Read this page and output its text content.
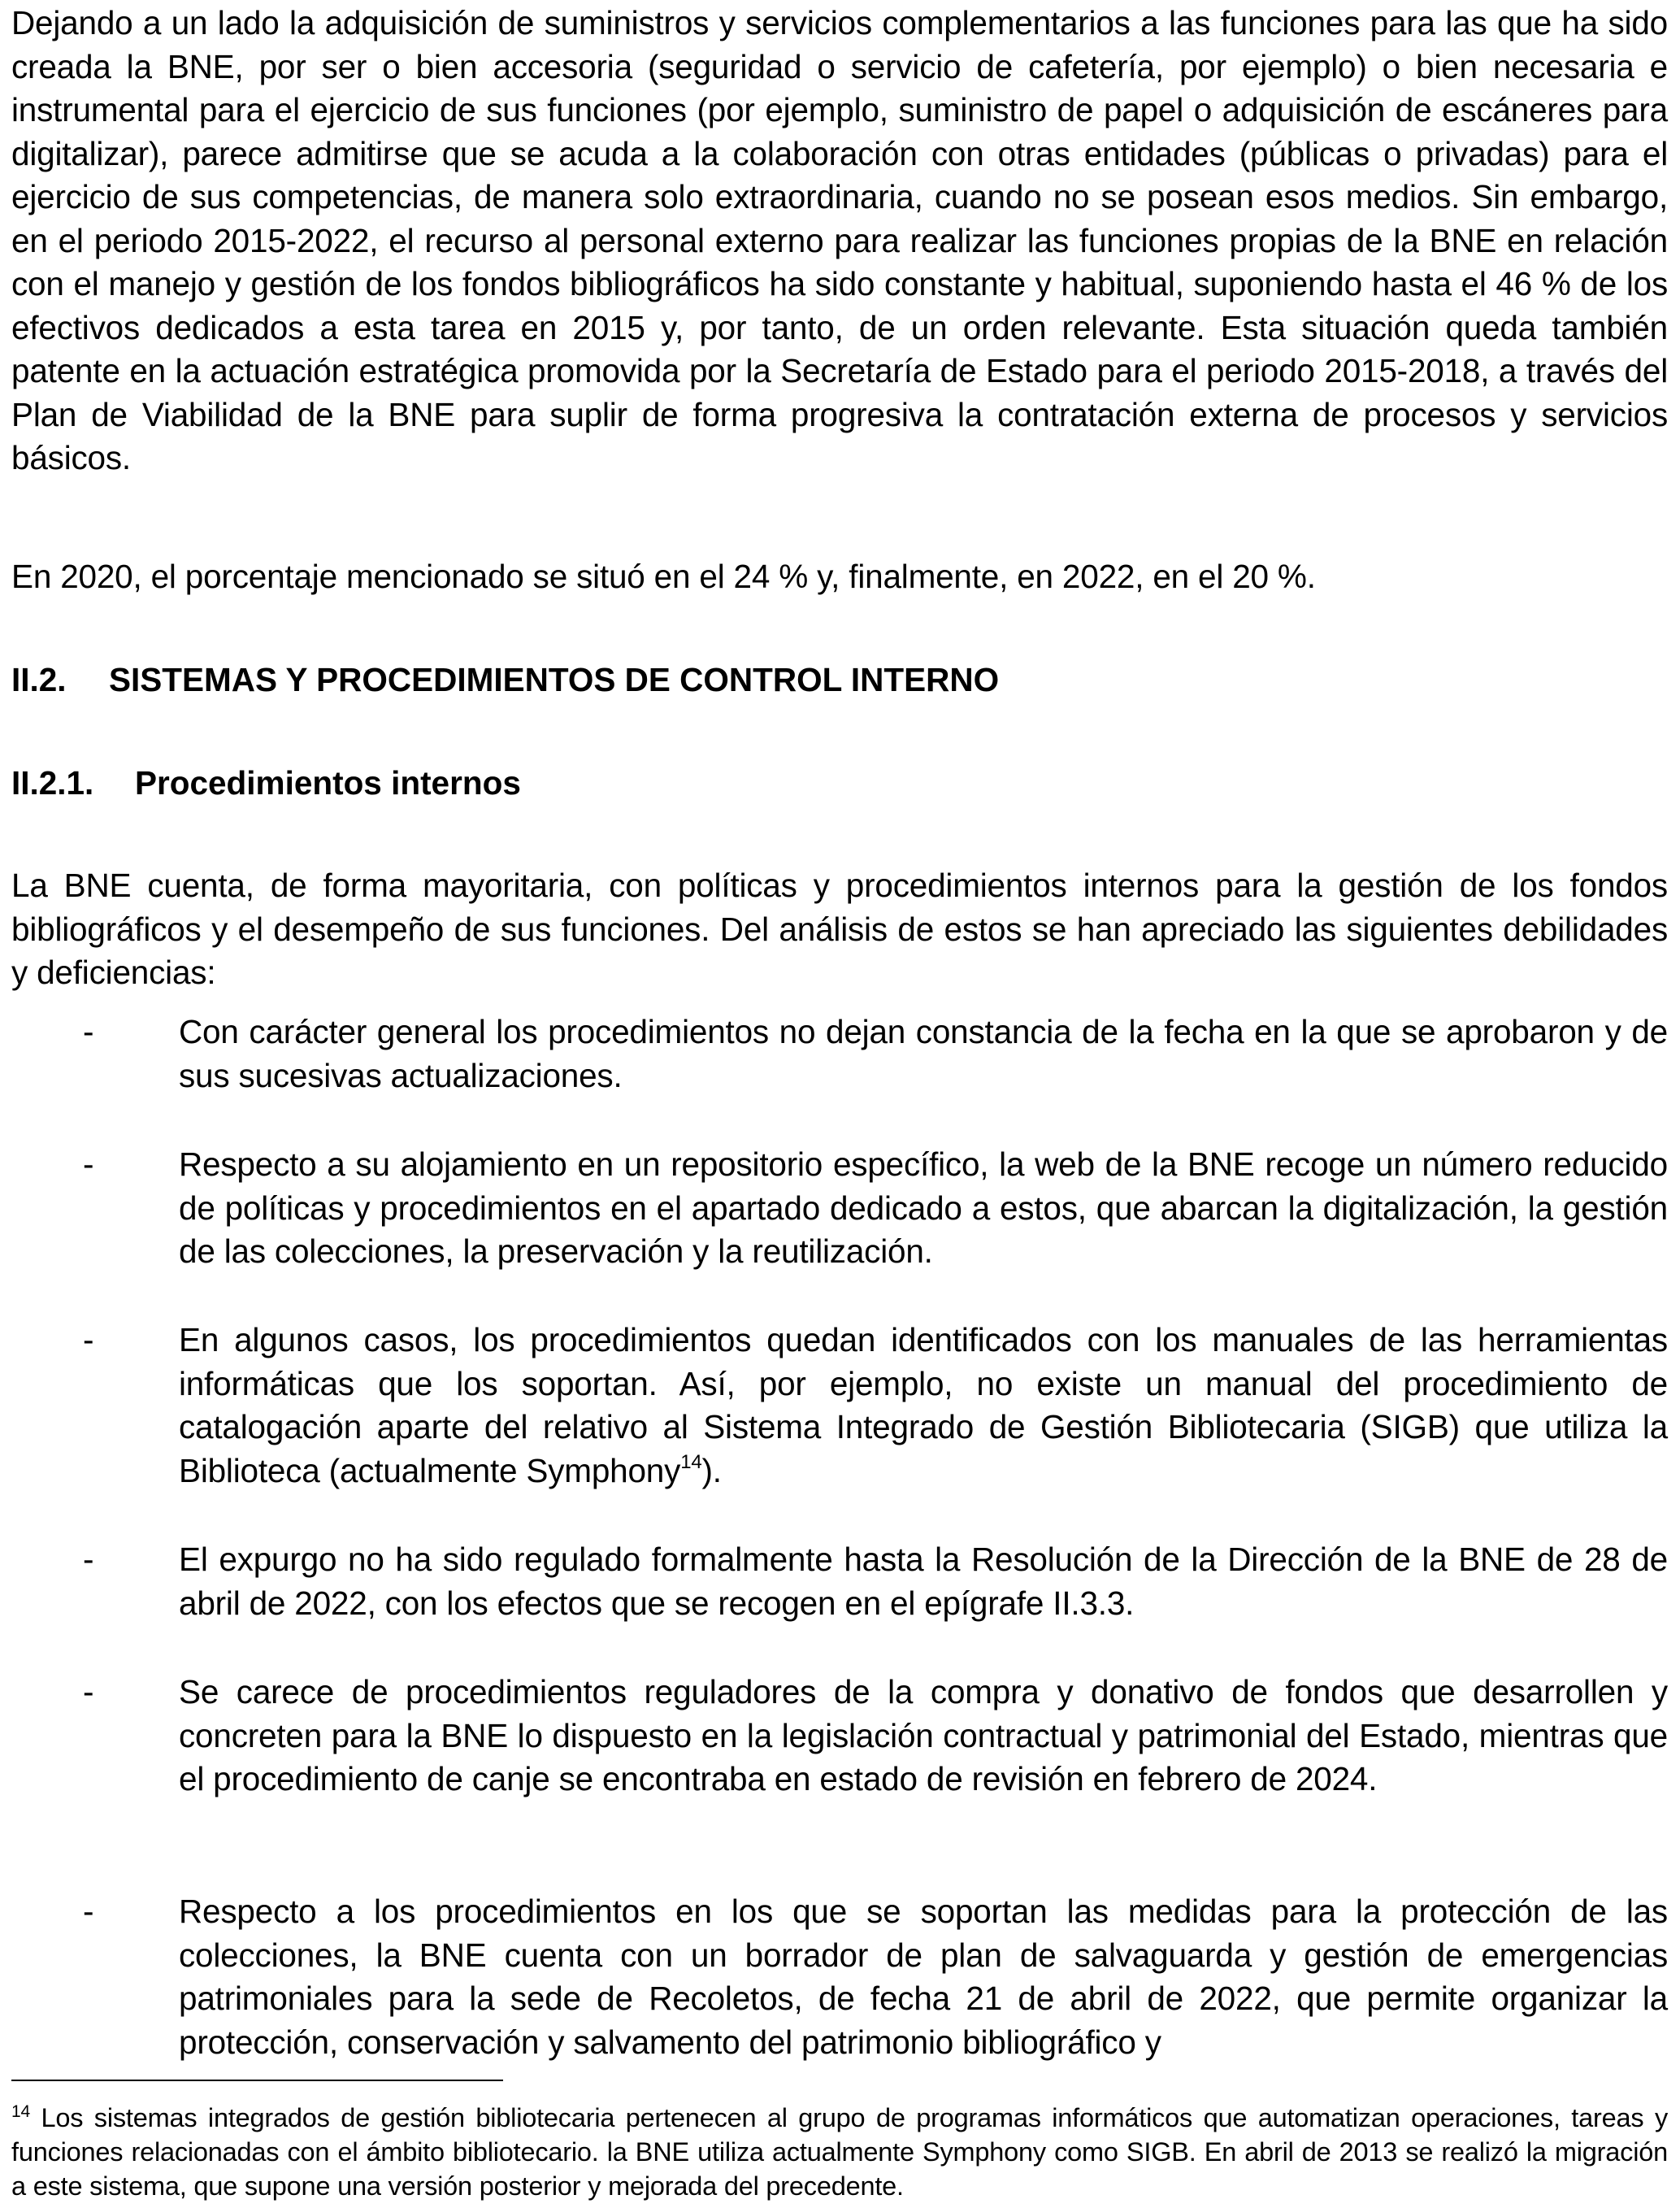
Dejando a un lado la adquisición de suministros y servicios complementarios a las funciones para las que ha sido creada la BNE, por ser o bien accesoria (seguridad o servicio de cafetería, por ejemplo) o bien necesaria e instrumental para el ejercicio de sus funciones (por ejemplo, suministro de papel o adquisición de escáneres para digitalizar), parece admitirse que se acuda a la colaboración con otras entidades (públicas o privadas) para el ejercicio de sus competencias, de manera solo extraordinaria, cuando no se posean esos medios. Sin embargo, en el periodo 2015-2022, el recurso al personal externo para realizar las funciones propias de la BNE en relación con el manejo y gestión de los fondos bibliográficos ha sido constante y habitual, suponiendo hasta el 46 % de los efectivos dedicados a esta tarea en 2015 y, por tanto, de un orden relevante. Esta situación queda también patente en la actuación estratégica promovida por la Secretaría de Estado para el periodo 2015-2018, a través del Plan de Viabilidad de la BNE para suplir de forma progresiva la contratación externa de procesos y servicios básicos.

En 2020, el porcentaje mencionado se situó en el 24 % y, finalmente, en 2022, en el 20 %.

II.2. SISTEMAS Y PROCEDIMIENTOS DE CONTROL INTERNO
II.2.1. Procedimientos internos

La BNE cuenta, de forma mayoritaria, con políticas y procedimientos internos para la gestión de los fondos bibliográficos y el desempeño de sus funciones. Del análisis de estos se han apreciado las siguientes debilidades y deficiencias:

-	Con carácter general los procedimientos no dejan constancia de la fecha en la que se aprobaron y de sus sucesivas actualizaciones.
-	Respecto a su alojamiento en un repositorio específico, la web de la BNE recoge un número reducido de políticas y procedimientos en el apartado dedicado a estos, que abarcan la digitalización, la gestión de las colecciones, la preservación y la reutilización.
-	En algunos casos, los procedimientos quedan identificados con los manuales de las herramientas informáticas que los soportan. Así, por ejemplo, no existe un manual del procedimiento de catalogación aparte del relativo al Sistema Integrado de Gestión Bibliotecaria (SIGB) que utiliza la Biblioteca (actualmente Symphony$^{14}$).
-	El expurgo no ha sido regulado formalmente hasta la Resolución de la Dirección de la BNE de 28 de abril de 2022, con los efectos que se recogen en el epígrafe II.3.3.
-	Se carece de procedimientos reguladores de la compra y donativo de fondos que desarrollen y concreten para la BNE lo dispuesto en la legislación contractual y patrimonial del Estado, mientras que el procedimiento de canje se encontraba en estado de revisión en febrero de 2024.
-	Respecto a los procedimientos en los que se soportan las medidas para la protección de las colecciones, la BNE cuenta con un borrador de plan de salvaguarda y gestión de emergencias patrimoniales para la sede de Recoletos, de fecha 21 de abril de 2022, que permite organizar la protección, conservación y salvamento del patrimonio bibliográfico y

$^{14}$ Los sistemas integrados de gestión bibliotecaria pertenecen al grupo de programas informáticos que automatizan operaciones, tareas y funciones relacionadas con el ámbito bibliotecario. la BNE utiliza actualmente Symphony como SIGB. En abril de 2013 se realizó la migración a este sistema, que supone una versión posterior y mejorada del precedente.
